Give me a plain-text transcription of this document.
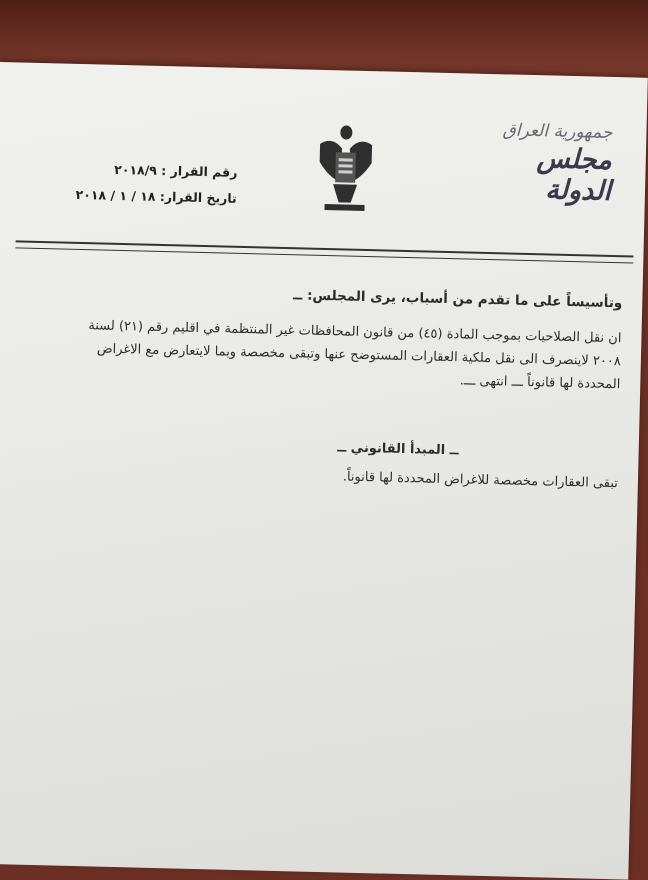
جمهورية العراق
مجلس الدولة
رقم القرار : ٢٠١٨/٩
تاريخ القرار: ١٨ / ١ / ٢٠١٨
وتأسيساً على ما تقدم من أسباب، يرى المجلس: ــ

ان نقل الصلاحيات بموجب المادة (٤٥) من قانون المحافظات غير المنتظمة في اقليم رقم (٢١) لسنة

٢٠٠٨ لاينصرف الى نقل ملكية العقارات المستوضح عنها وتبقى مخصصة وبما لايتعارض مع الاغراض

المحددة لها قانوناً ـــ انتهى ـــ.

ــ المبدأ القانوني ــ

تبقى العقارات مخصصة للاغراض المحددة لها قانوناً.
